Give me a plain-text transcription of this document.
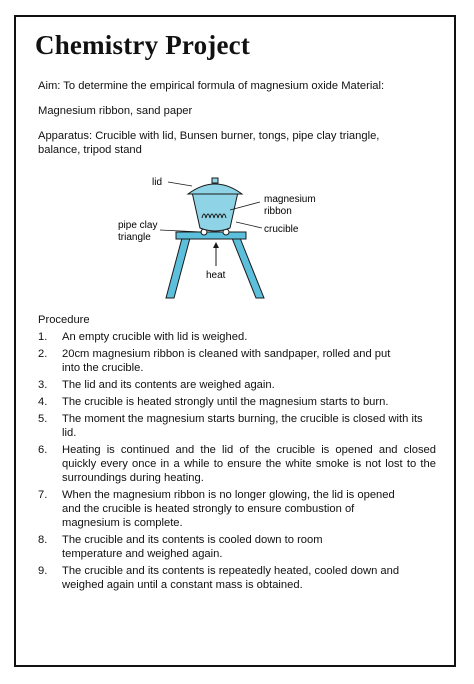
Chemistry Project
Aim: To determine the empirical formula of magnesium oxide Material:
Magnesium ribbon, sand paper
Apparatus: Crucible with lid, Bunsen burner, tongs, pipe clay triangle, balance, tripod stand
lid
magnesium
ribbon
crucible
pipe clay
triangle
heat
Procedure
1.	An empty crucible with lid is weighed.
2.	20cm magnesium ribbon is cleaned with sandpaper, rolled and put into the crucible.
3.	The lid and its contents are weighed again.
4.	The crucible is heated strongly until the magnesium starts to burn.
5.	The moment the magnesium starts burning, the crucible is closed with its lid.
6.	Heating is continued and the lid of the crucible is opened and closed quickly every once in a while to ensure the white smoke is not lost to the surroundings during heating.
7.	When the magnesium ribbon is no longer glowing, the lid is opened and the crucible is heated strongly to ensure combustion of magnesium is complete.
8.	The crucible and its contents is cooled down to room temperature and weighed again.
9.	The crucible and its contents is repeatedly heated, cooled down and weighed again until a constant mass is obtained.
